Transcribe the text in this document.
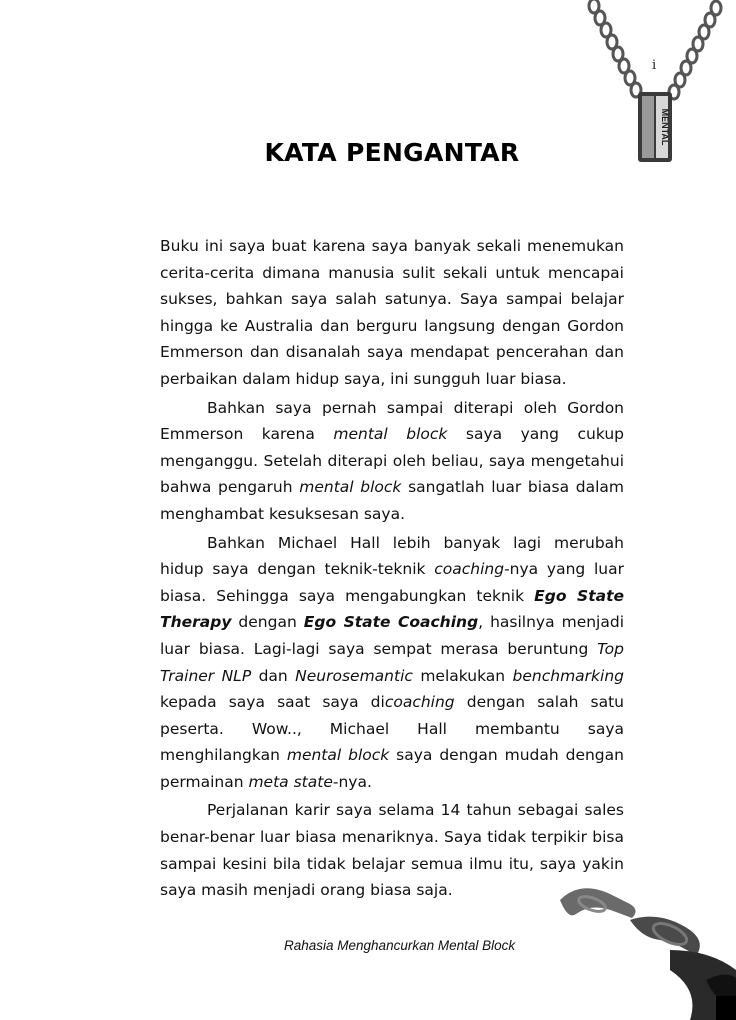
MENTAL
i
KATA PENGANTAR

Buku ini saya buat karena saya banyak sekali menemukan cerita-cerita dimana manusia sulit sekali untuk mencapai sukses, bahkan saya salah satunya. Saya sampai belajar hingga ke Australia dan berguru langsung dengan Gordon Emmerson dan disanalah saya mendapat pencerahan dan perbaikan dalam hidup saya, ini sungguh luar biasa.

Bahkan saya pernah sampai diterapi oleh Gordon Emmerson karena mental block saya yang cukup menganggu. Setelah diterapi oleh beliau, saya mengetahui bahwa pengaruh mental block sangatlah luar biasa dalam menghambat kesuksesan saya.

Bahkan Michael Hall lebih banyak lagi merubah hidup saya dengan teknik-teknik coaching-nya yang luar biasa. Sehingga saya mengabungkan teknik Ego State Therapy dengan Ego State Coaching, hasilnya menjadi luar biasa. Lagi-lagi saya sempat merasa beruntung Top Trainer NLP dan Neurosemantic melakukan benchmarking kepada saya saat saya dicoaching dengan salah satu peserta. Wow.., Michael Hall membantu saya menghilangkan mental block saya dengan mudah dengan permainan meta state-nya.

Perjalanan karir saya selama 14 tahun sebagai sales benar-benar luar biasa menariknya. Saya tidak terpikir bisa sampai kesini bila tidak belajar semua ilmu itu, saya yakin saya masih menjadi orang biasa saja.

Rahasia Menghancurkan Mental Block
